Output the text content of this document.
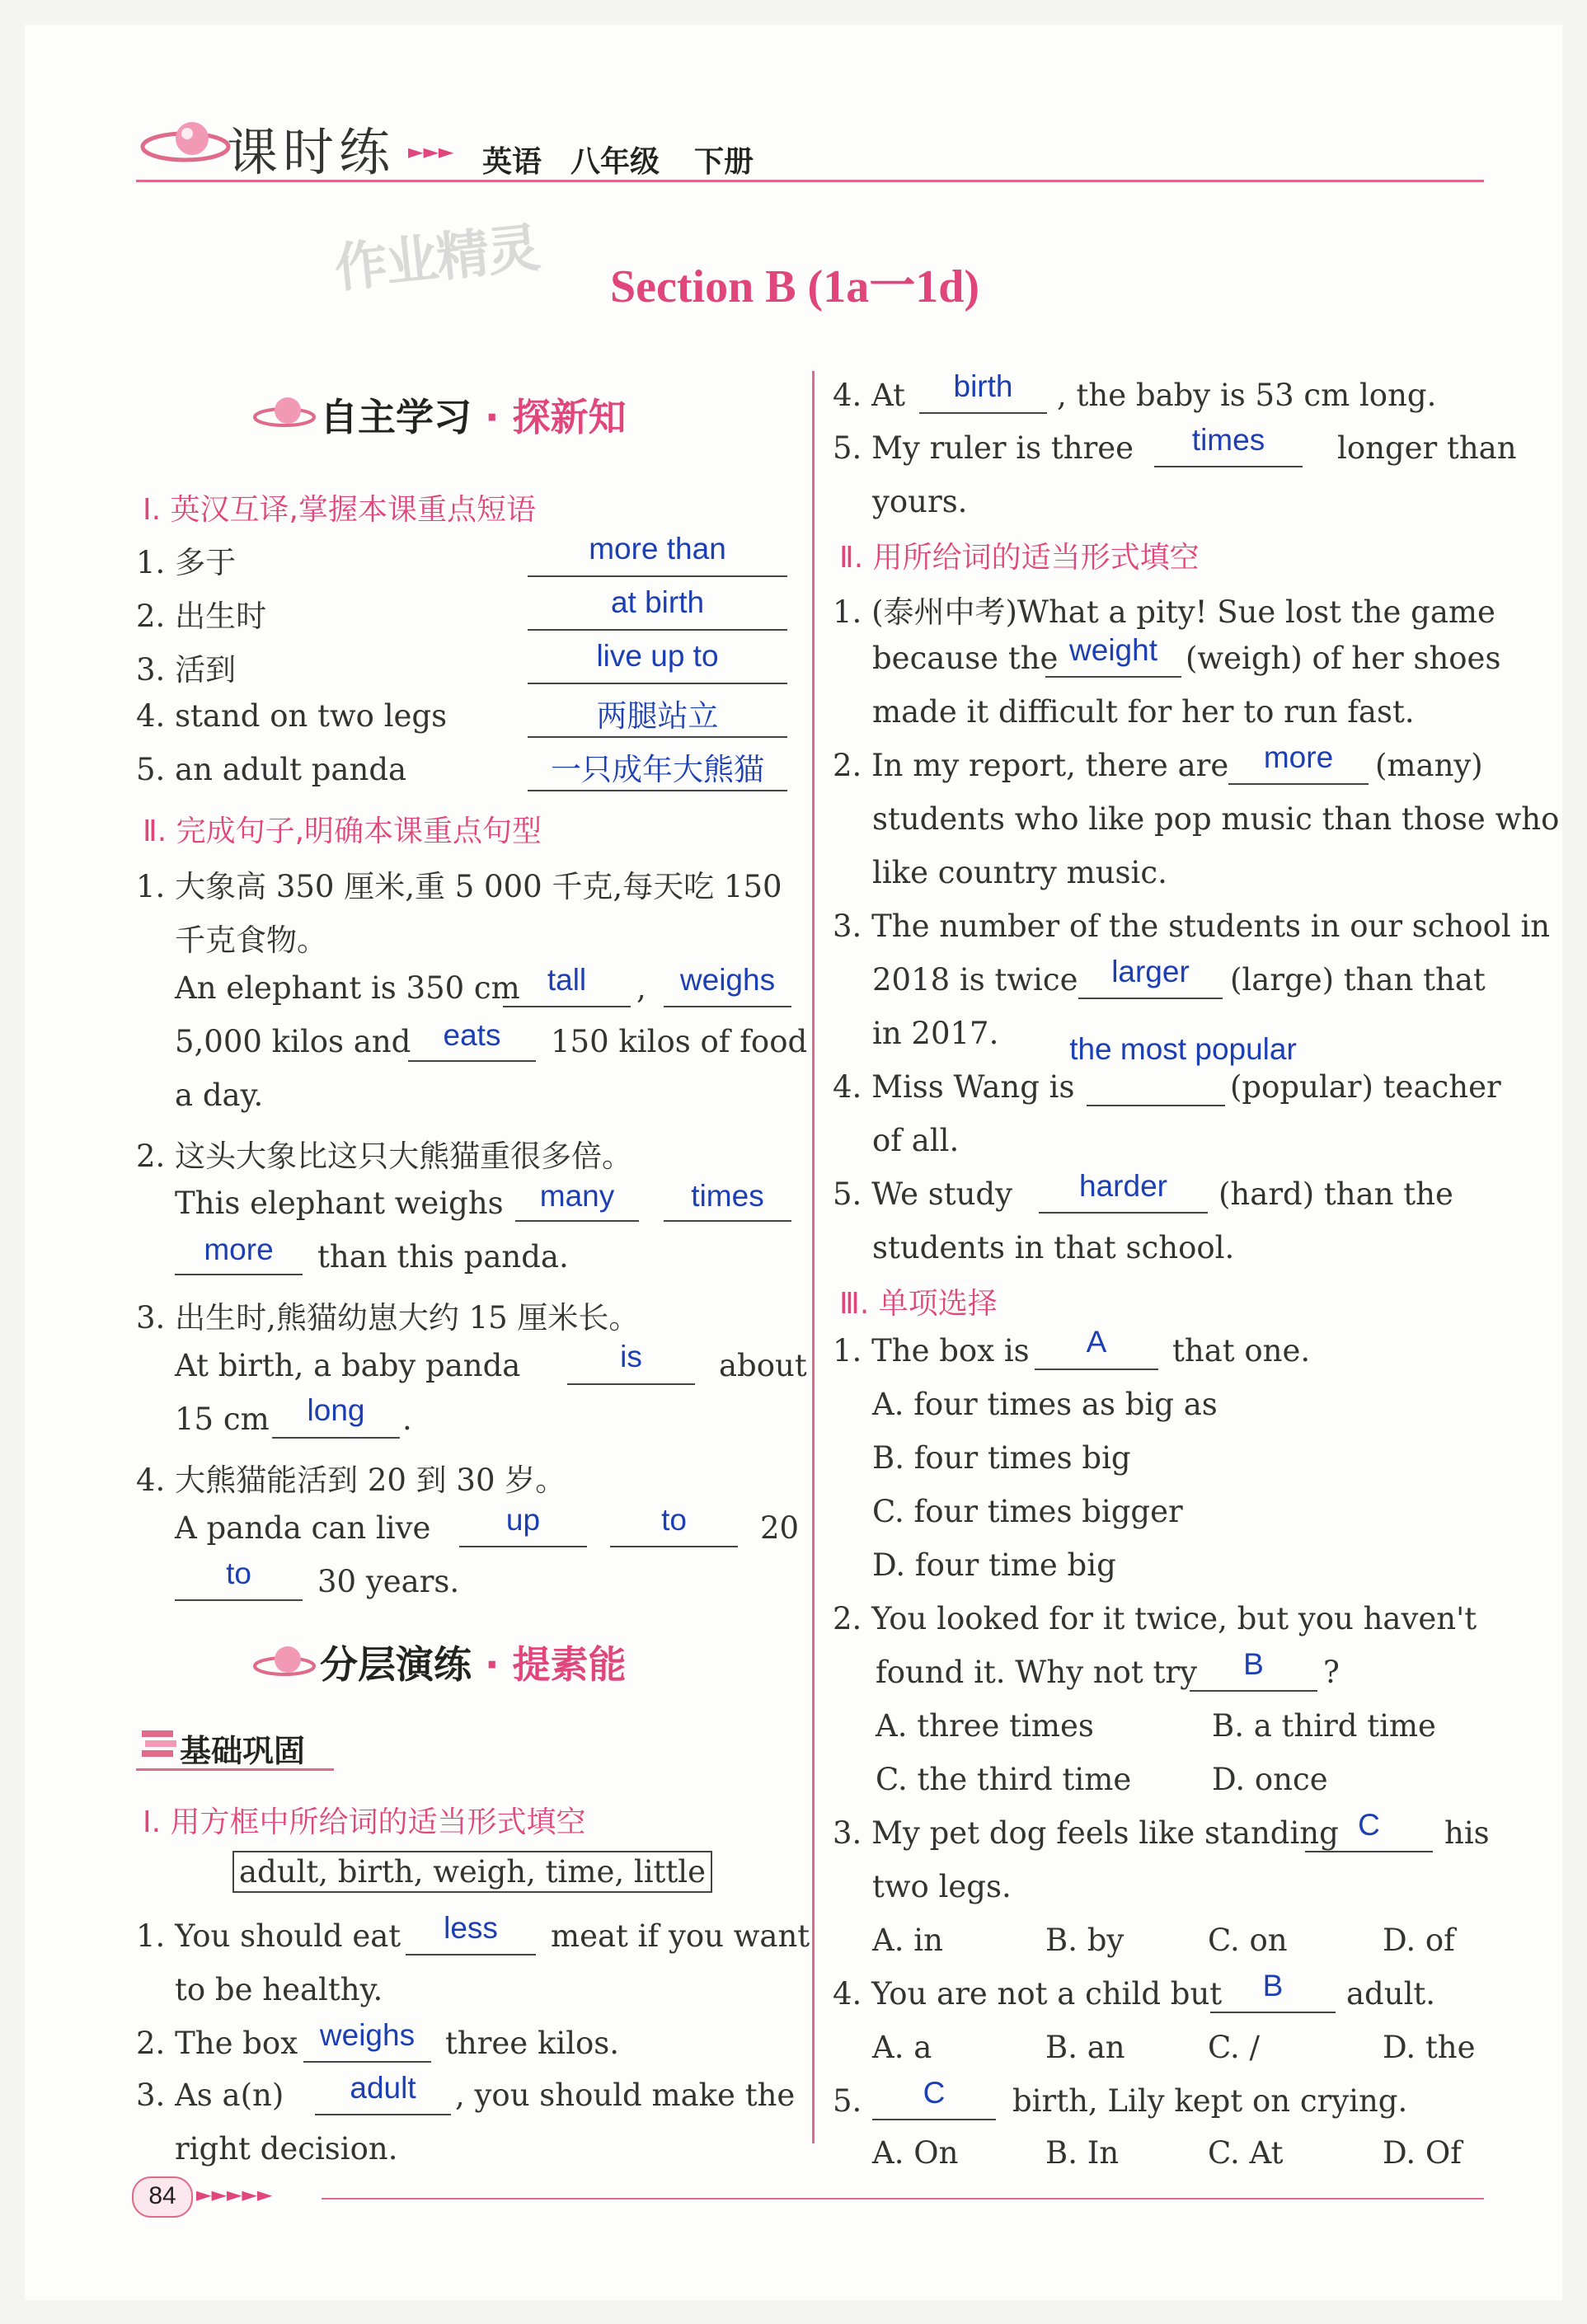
课时练 ►►► 英语 八年级 下册
作业精灵 Section B (1a一1d)
自主学习 · 探新知
Ⅰ. 英汉互译,掌握本课重点短语
1. 多于	more than
2. 出生时	at birth
3. 活到	live up to
4. stand on two legs	两腿站立
5. an adult panda	一只成年大熊猫
Ⅱ. 完成句子,明确本课重点句型
1. 大象高 350 厘米,重 5 000 千克,每天吃 150
千克食物。
An elephant is 350 cm tall	,	weighs
5,000 kilos and	eats	150 kilos of food
a day.
2. 这头大象比这只大熊猫重很多倍。
This elephant weighs	many	times
more	than this panda.
3. 出生时,熊猫幼崽大约 15 厘米长。
At birth, a baby panda	is	about
15 cm	long	.
4. 大熊猫能活到 20 到 30 岁。
A panda can live	up	to	20
to	30 years.
分层演练 · 提素能
基础巩固
Ⅰ. 用方框中所给词的适当形式填空
adult, birth, weigh, time, little
1. You should eat	less	meat if you want
to be healthy.
2. The box weighs three kilos.
3. As a(n)	adult	, you should make the
right decision.
4. At	birth	, the baby is 53 cm long.
5. My ruler is three	times	longer than
yours.
Ⅱ. 用所给词的适当形式填空
1. (泰州中考)What a pity! Sue lost the game
because the weight (weigh) of her shoes
made it difficult for her to run fast.
2. In my report, there are	more	(many)
students who like pop music than those who
like country music.
3. The number of the students in our school in
2018 is twice	larger	(large) than that
in 2017. the most popular
4. Miss Wang is	(popular) teacher
of all.
5. We study	harder	(hard) than the
students in that school.
Ⅲ. 单项选择
1. The box is	A	that one.
A. four times as big as
B. four times big
C. four times bigger
D. four time big
2. You looked for it twice, but you haven't
found it. Why not try	B	?
A. three times	B. a third time
C. the third time	D. once
3. My pet dog feels like standing C	his
two legs.
A. in	B. by	C. on	D. of
4. You are not a child but	B	adult.
A. a	B. an	C. /	D. the
5.	C	birth, Lily kept on crying.
A. On	B. In	C. At	D. Of
84	►►►►►
